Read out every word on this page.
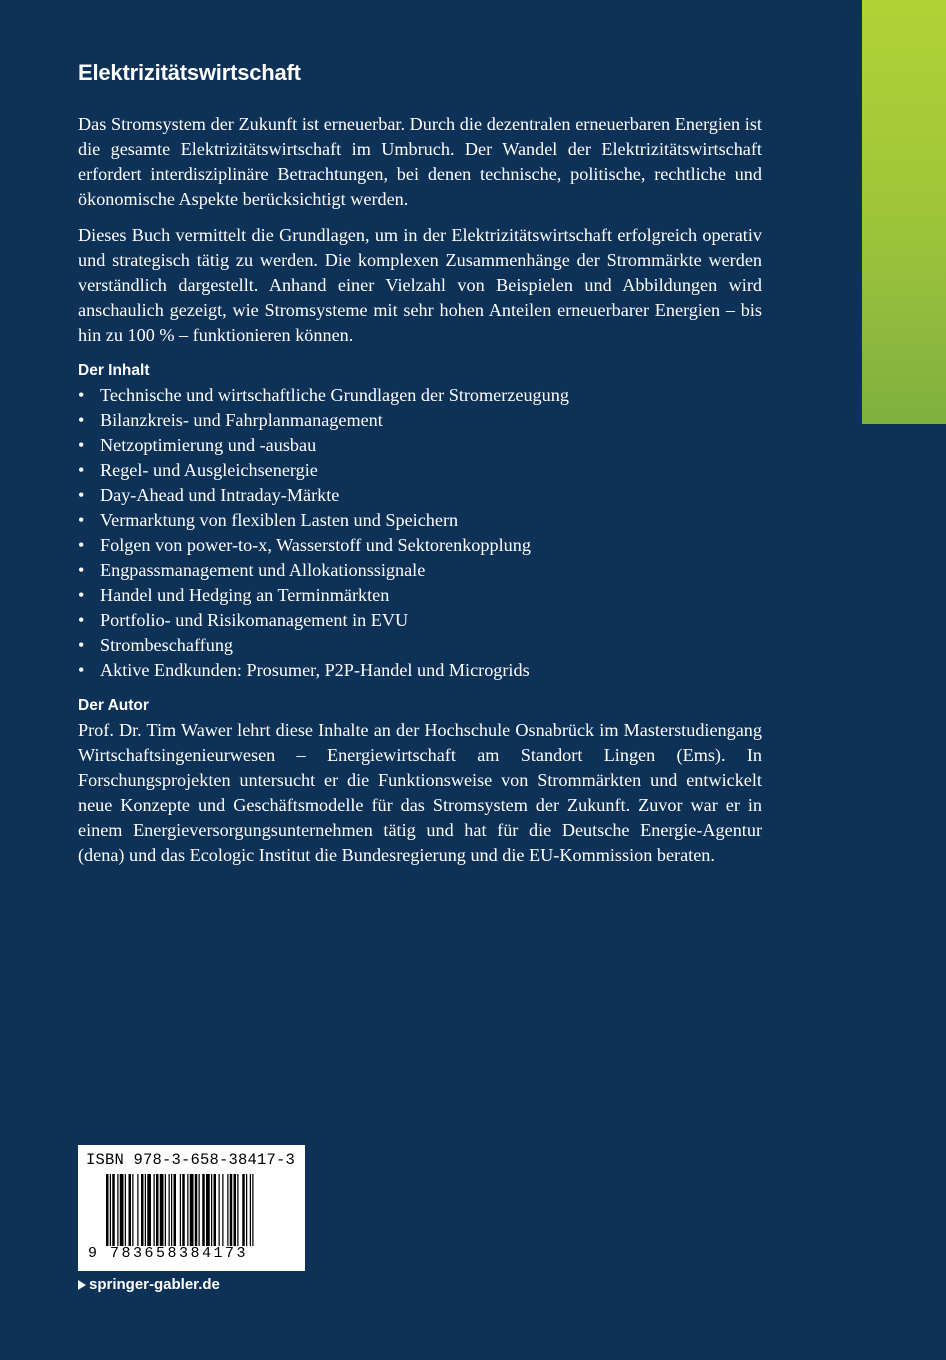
Elektrizitätswirtschaft

Das Stromsystem der Zukunft ist erneuerbar. Durch die dezentralen erneuerbaren Energien ist die gesamte Elektrizitätswirtschaft im Umbruch. Der Wandel der Elektrizitätswirtschaft erfordert interdisziplinäre Betrachtungen, bei denen technische, politische, rechtliche und ökonomische Aspekte berücksichtigt werden.

Dieses Buch vermittelt die Grundlagen, um in der Elektrizitätswirtschaft erfolgreich operativ und strategisch tätig zu werden. Die komplexen Zusammenhänge der Strommärkte werden verständlich dargestellt. Anhand einer Vielzahl von Beispielen und Abbildungen wird anschaulich gezeigt, wie Stromsysteme mit sehr hohen Anteilen erneuerbarer Energien – bis hin zu 100 % – funktionieren können.

Der Inhalt
• Technische und wirtschaftliche Grundlagen der Stromerzeugung
• Bilanzkreis- und Fahrplanmanagement
• Netzoptimierung und -ausbau
• Regel- und Ausgleichsenergie
• Day-Ahead und Intraday-Märkte
• Vermarktung von flexiblen Lasten und Speichern
• Folgen von power-to-x, Wasserstoff und Sektorenkopplung
• Engpassmanagement und Allokationssignale
• Handel und Hedging an Terminmärkten
• Portfolio- und Risikomanagement in EVU
• Strombeschaffung
• Aktive Endkunden: Prosumer, P2P-Handel und Microgrids
Der Autor

Prof. Dr. Tim Wawer lehrt diese Inhalte an der Hochschule Osnabrück im Masterstudiengang Wirtschaftsingenieurwesen – Energiewirtschaft am Standort Lingen (Ems). In Forschungsprojekten untersucht er die Funktionsweise von Strommärkten und entwickelt neue Konzepte und Geschäftsmodelle für das Stromsystem der Zukunft. Zuvor war er in einem Energieversorgungsunternehmen tätig und hat für die Deutsche Energie-Agentur (dena) und das Ecologic Institut die Bundesregierung und die EU-Kommission beraten.

ISBN 978-3-658-38417-3
9 783658384173
springer-gabler.de
